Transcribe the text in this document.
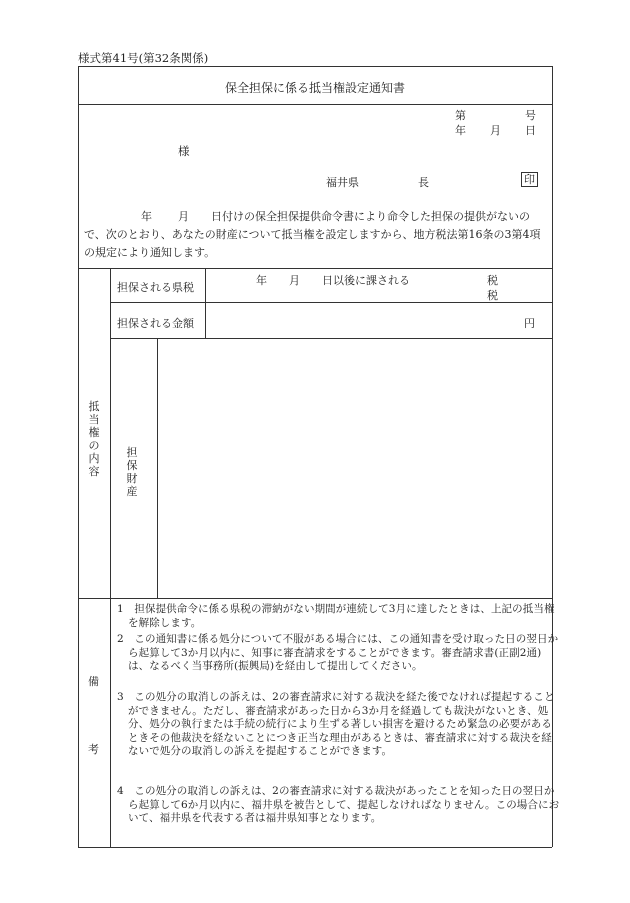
様式第41号(第32条関係)
保全担保に係る抵当権設定通知書
第	号
年 月 日
様
福井県	長	印
年 月 日付けの保全担保提供命令書により命令した担保の提供がないので、次のとおり、あなたの財産について抵当権を設定しますから、地方税法第16条の3第4項の規定により通知します。
抵当権の内容
担保される県税
年 月 日以後に課される	税
税
担保される金額	円
担保財産
備
考
1　担保提供命令に係る県税の滞納がない期間が連続して3月に達したときは、上記の抵当権を解除します。
2　この通知書に係る処分について不服がある場合には、この通知書を受け取った日の翌日から起算して3か月以内に、知事に審査請求をすることができます。審査請求書(正副2通)は、なるべく当事務所(振興局)を経由して提出してください。
3　この処分の取消しの訴えは、2の審査請求に対する裁決を経た後でなければ提起することができません。ただし、審査請求があった日から3か月を経過しても裁決がないとき、処分、処分の執行または手続の続行により生ずる著しい損害を避けるため緊急の必要があるときその他裁決を経ないことにつき正当な理由があるときは、審査請求に対する裁決を経ないで処分の取消しの訴えを提起することができます。
4　この処分の取消しの訴えは、2の審査請求に対する裁決があったことを知った日の翌日から起算して6か月以内に、福井県を被告として、提起しなければなりません。この場合において、福井県を代表する者は福井県知事となります。
